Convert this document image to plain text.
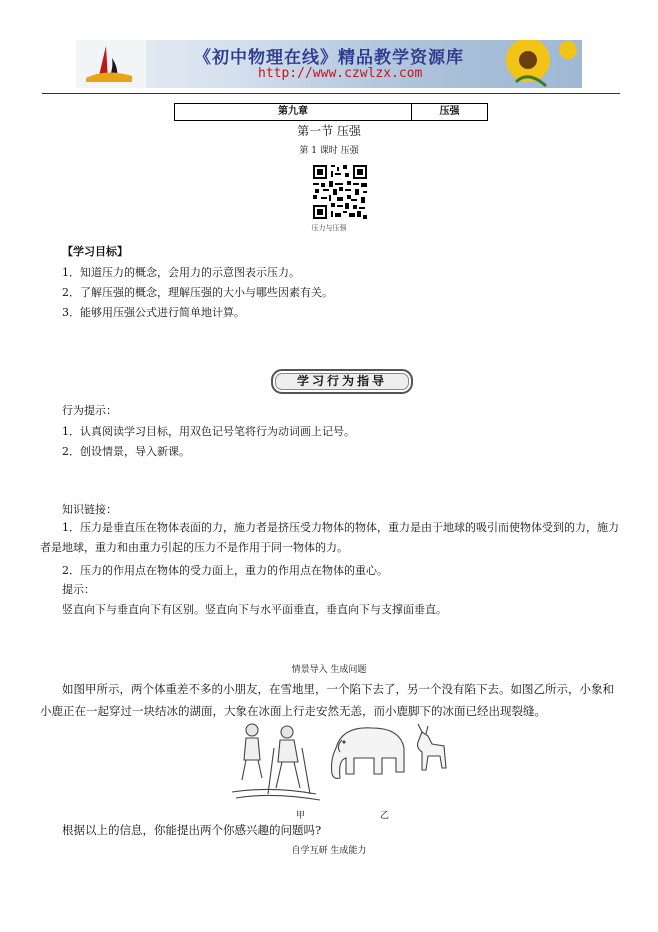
《初中物理在线》精品教学资源库
http://www.czwlzx.com
第九章	压强
第一节 压强
第 1 课时 压强
压力与压强
【学习目标】
1．知道压力的概念，会用力的示意图表示压力。
2．了解压强的概念，理解压强的大小与哪些因素有关。
3．能够用压强公式进行简单地计算。
学习行为指导
行为提示：
1．认真阅读学习目标，用双色记号笔将行为动词画上记号。
2．创设情景，导入新课。
知识链接：
1．压力是垂直压在物体表面的力，施力者是挤压受力物体的物体，重力是由于地球的吸引而使物体受到的力，施力者是地球，重力和由重力引起的压力不是作用于同一物体的力。
2．压力的作用点在物体的受力面上，重力的作用点在物体的重心。
提示：
竖直向下与垂直向下有区别。竖直向下与水平面垂直，垂直向下与支撑面垂直。
情景导入 生成问题
如图甲所示，两个体重差不多的小朋友，在雪地里，一个陷下去了，另一个没有陷下去。如图乙所示，小象和小鹿正在一起穿过一块结冰的湖面，大象在冰面上行走安然无恙，而小鹿脚下的冰面已经出现裂缝。
甲	乙
根据以上的信息，你能提出两个你感兴趣的问题吗?
自学互研 生成能力
